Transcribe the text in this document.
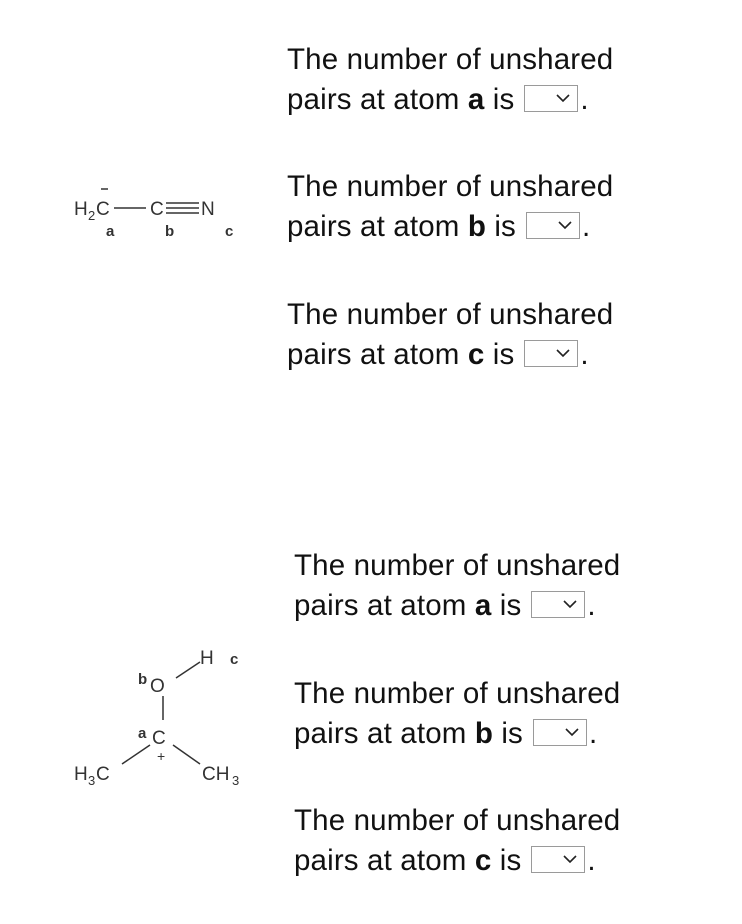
H 2 C C N
a	b	c
H c
b O
a C
+
H 3 C	CH 3
The number of unshared
pairs at atom a is .
The number of unshared
pairs at atom b is .
The number of unshared
pairs at atom c is .
The number of unshared
pairs at atom a is .
The number of unshared
pairs at atom b is .
The number of unshared
pairs at atom c is .
